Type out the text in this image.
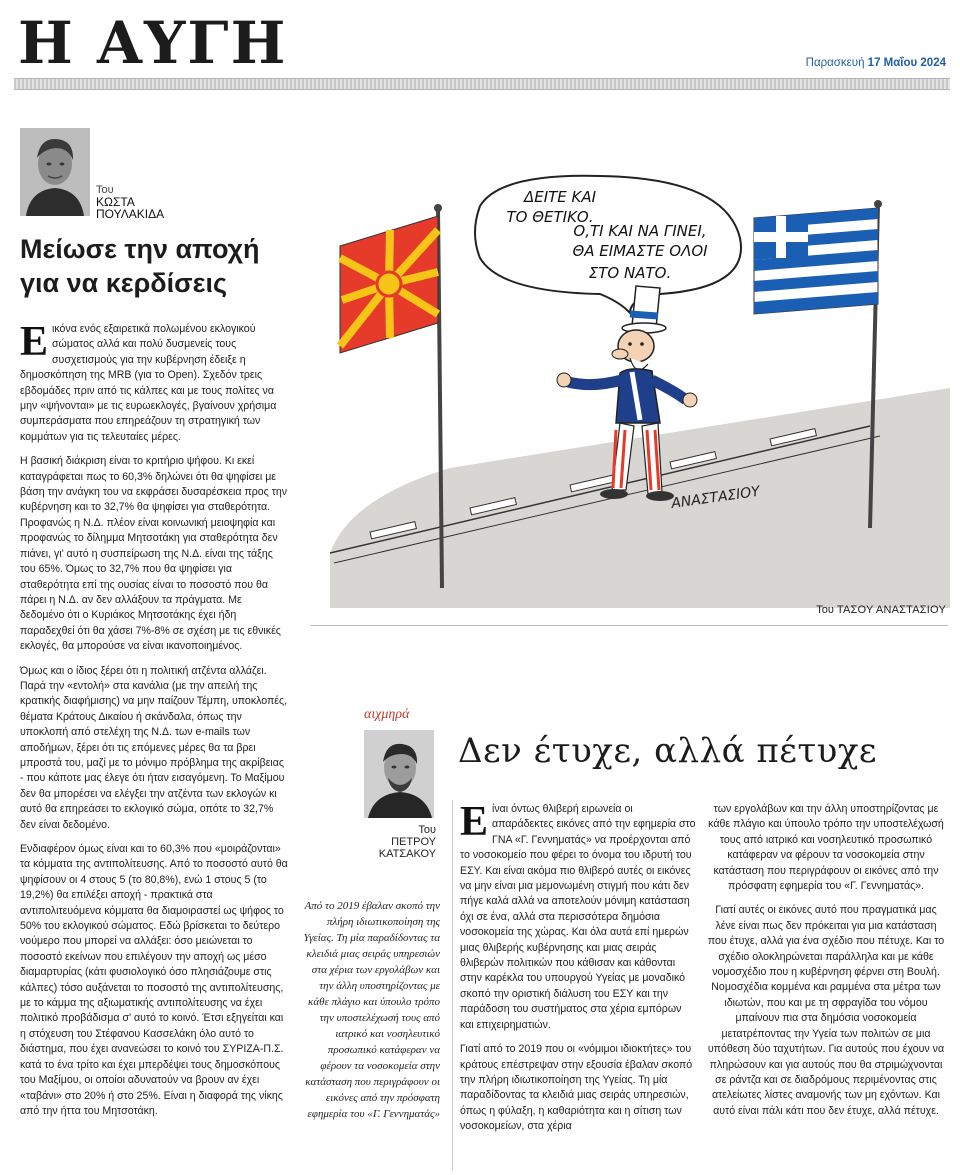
Η ΑΥΓΗ	Παρασκευή 17 Μαΐου 2024
Του
ΚΩΣΤΑ
ΠΟΥΛΑΚΙΔΑ
Μείωσε την αποχή
για να κερδίσεις

Εικόνα ενός εξαιρετικά πολωμένου εκλογικού σώματος αλλά και πολύ δυσμενείς τους συσχετισμούς για την κυβέρνηση έδειξε η δημοσκόπηση της MRB (για το Open). Σχεδόν τρεις εβδομάδες πριν από τις κάλπες και με τους πολίτες να μην «ψήνονται» με τις ευρωεκλογές, βγαίνουν χρήσιμα συμπεράσματα που επηρεάζουν τη στρατηγική των κομμάτων για τις τελευταίες μέρες.

Η βασική διάκριση είναι το κριτήριο ψήφου. Κι εκεί καταγράφεται πως το 60,3% δηλώνει ότι θα ψηφίσει με βάση την ανάγκη του να εκφράσει δυσαρέσκεια προς την κυβέρνηση και το 32,7% θα ψηφίσει για σταθερότητα. Προφανώς η Ν.Δ. πλέον είναι κοινωνική μειοψηφία και προφανώς το δίλημμα Μητσοτάκη για σταθερότητα δεν πιάνει, γι' αυτό η συσπείρωση της Ν.Δ. είναι της τάξης του 65%. Όμως το 32,7% που θα ψηφίσει για σταθερότητα επί της ουσίας είναι το ποσοστό που θα πάρει η Ν.Δ. αν δεν αλλάξουν τα πράγματα. Με δεδομένο ότι ο Κυριάκος Μητσοτάκης έχει ήδη παραδεχθεί ότι θα χάσει 7%-8% σε σχέση με τις εθνικές εκλογές, θα μπορούσε να είναι ικανοποιημένος.

Όμως και ο ίδιος ξέρει ότι η πολιτική ατζέντα αλλάζει. Παρά την «εντολή» στα κανάλια (με την απειλή της κρατικής διαφήμισης) να μην παίζουν Τέμπη, υποκλοπές, θέματα Κράτους Δικαίου ή σκάνδαλα, όπως την υποκλοπή από στελέχη της Ν.Δ. των e-mails των αποδήμων, ξέρει ότι τις επόμενες μέρες θα τα βρει μπροστά του, μαζί με το μόνιμο πρόβλημα της ακρίβειας - που κάποτε μας έλεγε ότι ήταν εισαγόμενη. Το Μαξίμου δεν θα μπορέσει να ελέγξει την ατζέντα των εκλογών κι αυτό θα επηρεάσει το εκλογικό σώμα, οπότε το 32,7% δεν είναι δεδομένο.

Ενδιαφέρον όμως είναι και το 60,3% που «μοιράζονται» τα κόμματα της αντιπολίτευσης. Από το ποσοστό αυτό θα ψηφίσουν οι 4 στους 5 (το 80,8%), ενώ 1 στους 5 (το 19,2%) θα επιλέξει αποχή - πρακτικά στα αντιπολιτευόμενα κόμματα θα διαμοιραστεί ως ψήφος το 50% του εκλογικού σώματος. Εδώ βρίσκεται το δεύτερο νούμερο που μπορεί να αλλάξει: όσο μειώνεται το ποσοστό εκείνων που επιλέγουν την αποχή ως μέσο διαμαρτυρίας (κάτι φυσιολογικό όσο πλησιάζουμε στις κάλπες) τόσο αυξάνεται το ποσοστό της αντιπολίτευσης, με το κάμμα της αξιωματικής αντιπολίτευσης να έχει πολιτικό προβάδισμα σ' αυτό το κοινό. Έτσι εξηγείται και η στόχευση του Στέφανου Κασσελάκη όλο αυτό το διάστημα, που έχει ανανεώσει το κοινό του ΣΥΡΙΖΑ-Π.Σ. κατά το ένα τρίτο και έχει μπερδέψει τους δημοσκόπους του Μαξίμου, οι οποίοι αδυνατούν να βρουν αν έχει «ταβάνι» στο 20% ή στο 25%. Είναι η διαφορά της νίκης από την ήττα του Μητσοτάκη.

ΔΕΙΤΕ ΚΑΙ
ΤΟ ΘΕΤΙΚΟ.
Ο,ΤΙ ΚΑΙ ΝΑ ΓΙΝΕΙ,
ΘΑ ΕΙΜΑΣΤΕ ΟΛΟΙ
ΣΤΟ ΝΑΤΟ.
ΑΝΑΣΤΑΣΙΟΥ
Του ΤΑΣΟΥ ΑΝΑΣΤΑΣΙΟΥ
αιχμηρά
Του
ΠΕΤΡΟΥ
ΚΑΤΣΑΚΟΥ
Δεν έτυχε, αλλά πέτυχε
Από το 2019 έβαλαν σκοπό την πλήρη ιδιωτικοποίηση της Υγείας. Τη μία παραδίδοντας τα κλειδιά μιας σειράς υπηρεσιών στα χέρια των εργολάβων και την άλλη υποστηρίζοντας με κάθε πλάγιο και ύπουλο τρόπο την υποστελέχωσή τους από ιατρικό και νοσηλευτικό προσωπικό κατάφεραν να φέρουν τα νοσοκομεία στην κατάσταση που περιγράφουν οι εικόνες από την πρόσφατη εφημερία του «Γ. Γεννηματάς»

Είναι όντως θλιβερή ειρωνεία οι απαράδεκτες εικόνες από την εφημερία στο ΓΝΑ «Γ. Γεννηματάς» να προέρχονται από το νοσοκομείο που φέρει το όνομα του ιδρυτή του ΕΣΥ. Και είναι ακόμα πιο θλιβερό αυτές οι εικόνες να μην είναι μια μεμονωμένη στιγμή που κάτι δεν πήγε καλά αλλά να αποτελούν μόνιμη κατάσταση όχι σε ένα, αλλά στα περισσότερα δημόσια νοσοκομεία της χώρας. Και όλα αυτά επί ημερών μιας θλιβερής κυβέρνησης και μιας σειράς θλιβερών πολιτικών που κάθισαν και κάθονται στην καρέκλα του υπουργού Υγείας με μοναδικό σκοπό την οριστική διάλυση του ΕΣΥ και την παράδοση του συστήματος στα χέρια εμπόρων και επιχειρηματιών.

Γιατί από το 2019 που οι «νόμιμοι ιδιοκτήτες» του κράτους επέστρεψαν στην εξουσία έβαλαν σκοπό την πλήρη ιδιωτικοποίηση της Υγείας. Τη μία παραδίδοντας τα κλειδιά μιας σειράς υπηρεσιών, όπως η φύλαξη, η καθαριότητα και η σίτιση των νοσοκομείων, στα χέρια

των εργολάβων και την άλλη υποστηρίζοντας με κάθε πλάγιο και ύπουλο τρόπο την υποστελέχωσή τους από ιατρικό και νοσηλευτικό προσωπικό κατάφεραν να φέρουν τα νοσοκομεία στην κατάσταση που περιγράφουν οι εικόνες από την πρόσφατη εφημερία του «Γ. Γεννηματάς».

Γιατί αυτές οι εικόνες αυτό που πραγματικά μας λένε είναι πως δεν πρόκειται για μια κατάσταση που έτυχε, αλλά για ένα σχέδιο που πέτυχε. Και το σχέδιο ολοκληρώνεται παράλληλα και με κάθε νομοσχέδιο που η κυβέρνηση φέρνει στη Βουλή. Νομοσχέδια κομμένα και ραμμένα στα μέτρα των ιδιωτών, που και με τη σφραγίδα του νόμου μπαίνουν πια στα δημόσια νοσοκομεία μετατρέποντας την Υγεία των πολιτών σε μια υπόθεση δύο ταχυτήτων. Για αυτούς που έχουν να πληρώσουν και για αυτούς που θα στριμώχνονται σε ράντζα και σε διαδρόμους περιμένοντας στις ατελείωτες λίστες αναμονής των μη εχόντων. Και αυτό είναι πάλι κάτι που δεν έτυχε, αλλά πέτυχε.
